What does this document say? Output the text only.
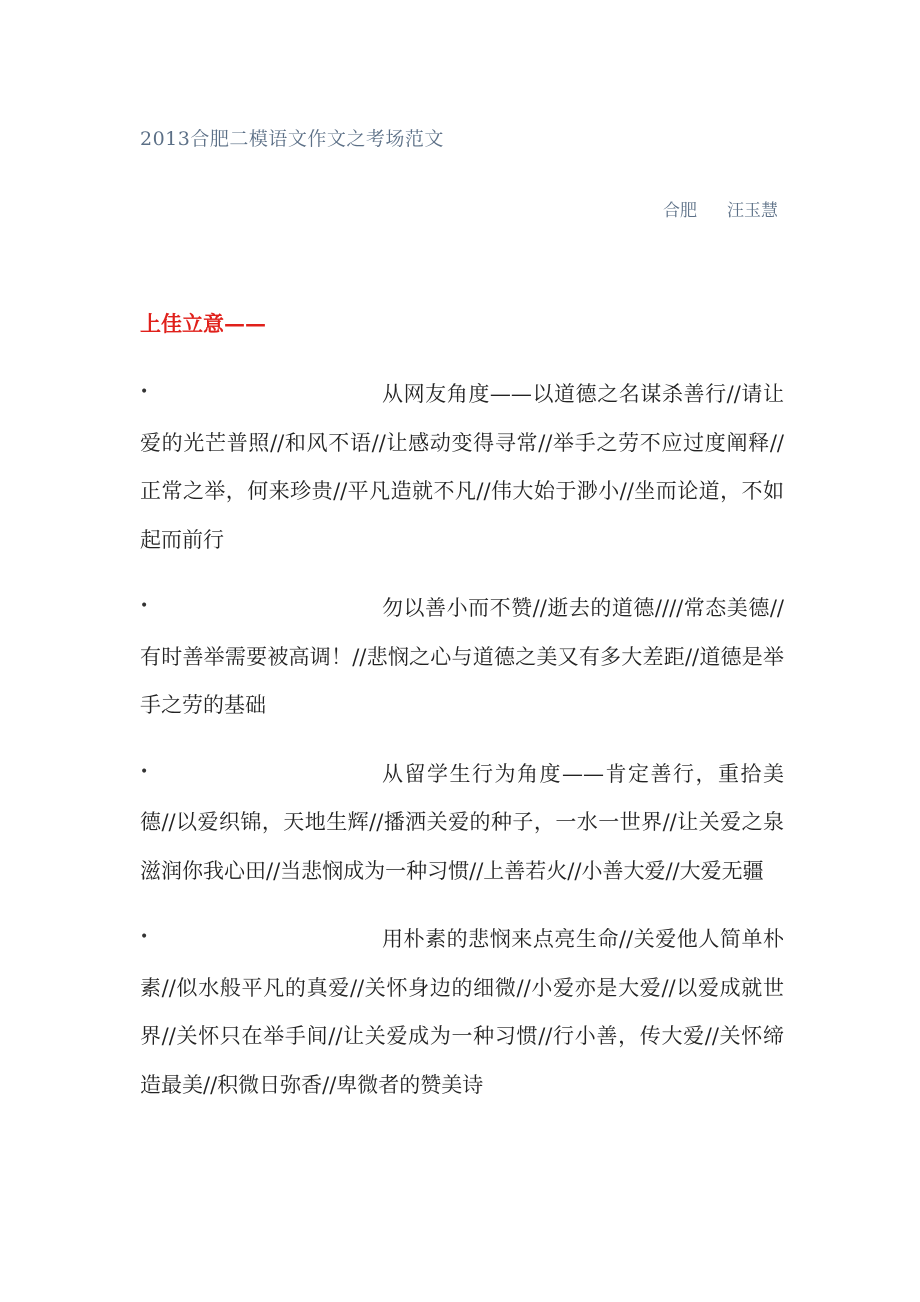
2013合肥二模语文作文之考场范文
合肥 汪玉慧
上佳立意——
•	从网友角度——以道德之名谋杀善行//请让爱的光芒普照//和风不语//让感动变得寻常//举手之劳不应过度阐释//正常之举，何来珍贵//平凡造就不凡//伟大始于渺小//坐而论道，不如起而前行
•	勿以善小而不赞//逝去的道德////常态美德//有时善举需要被高调！//悲悯之心与道德之美又有多大差距//道德是举手之劳的基础
•	从留学生行为角度——肯定善行，重拾美德//以爱织锦，天地生辉//播洒关爱的种子，一水一世界//让关爱之泉滋润你我心田//当悲悯成为一种习惯//上善若火//小善大爱//大爱无疆
•	用朴素的悲悯来点亮生命//关爱他人简单朴素//似水般平凡的真爱//关怀身边的细微//小爱亦是大爱//以爱成就世界//关怀只在举手间//让关爱成为一种习惯//行小善，传大爱//关怀缔造最美//积微日弥香//卑微者的赞美诗
